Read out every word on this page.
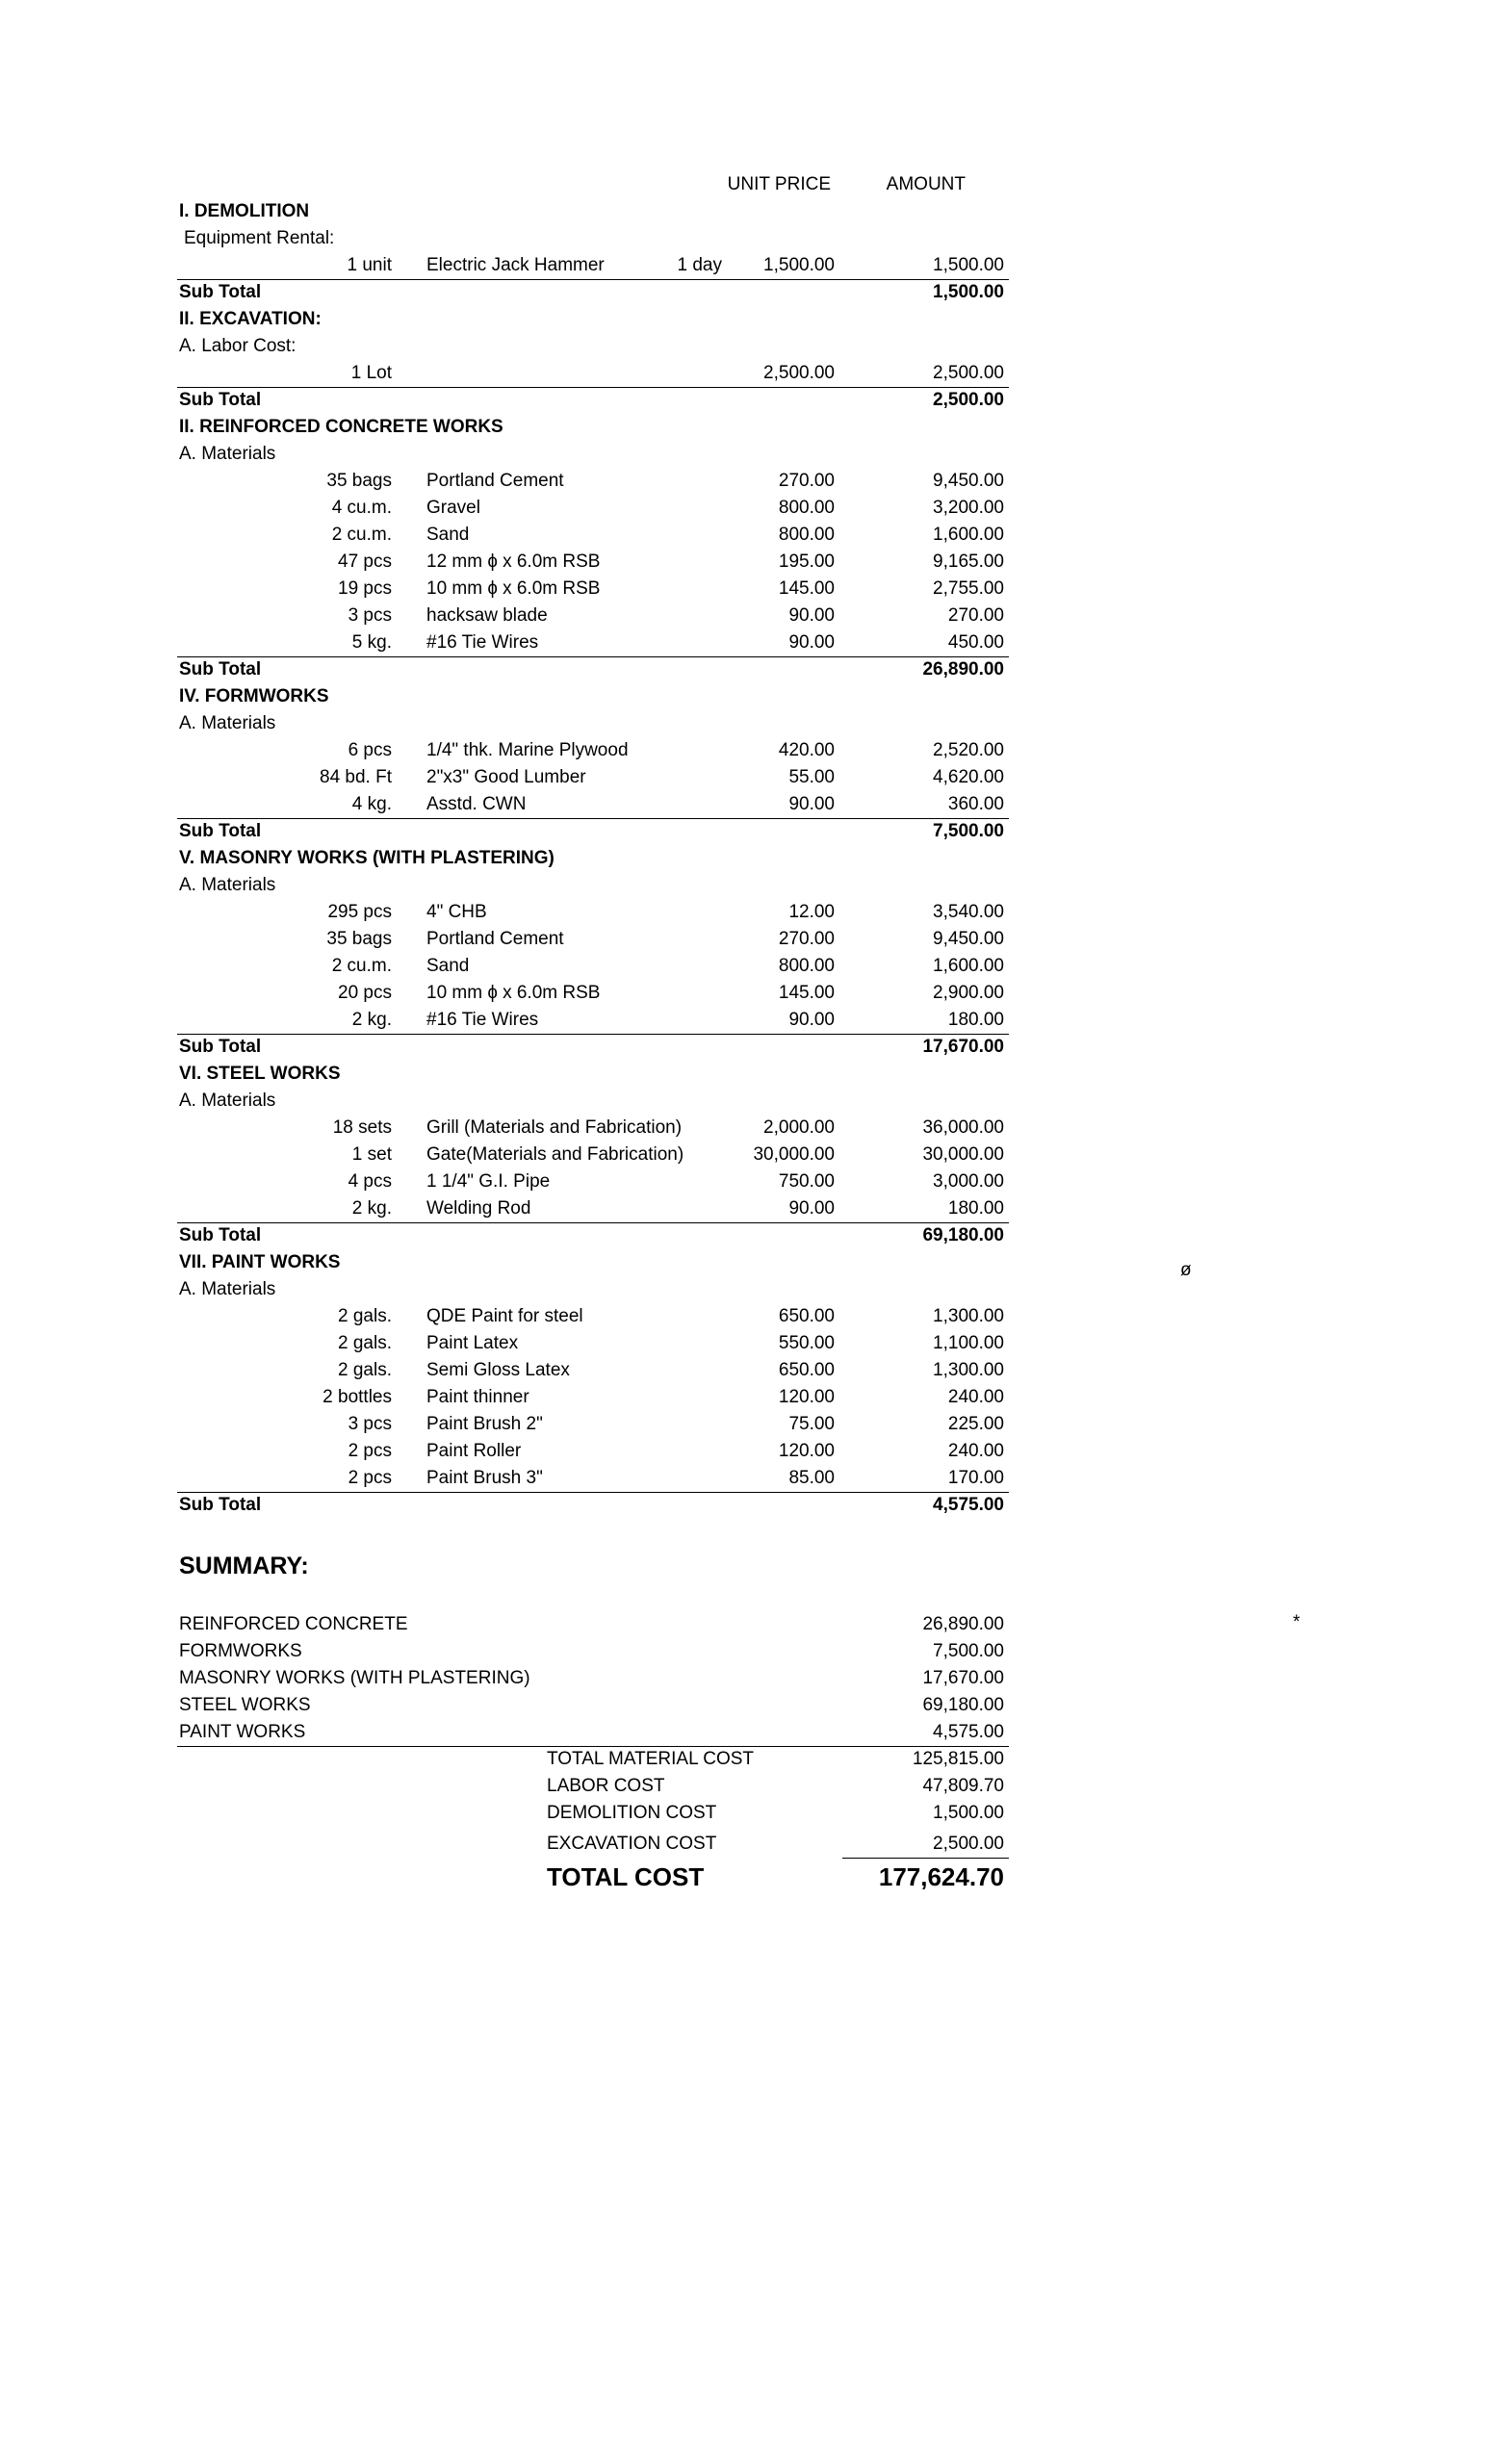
UNIT PRICE	AMOUNT
I. DEMOLITION
Equipment Rental:
1 unit Electric Jack Hammer	1 day	1,500.00	1,500.00
Sub Total	1,500.00
II. EXCAVATION:
A. Labor Cost:
1 Lot	2,500.00	2,500.00
Sub Total	2,500.00
II. REINFORCED CONCRETE WORKS
A. Materials
35 bags Portland Cement	270.00	9,450.00
4 cu.m. Gravel	800.00	3,200.00
2 cu.m. Sand	800.00	1,600.00
47 pcs 12 mm ɸ x 6.0m RSB	195.00	9,165.00
19 pcs 10 mm ɸ x 6.0m RSB	145.00	2,755.00
3 pcs hacksaw blade	90.00	270.00
5 kg. #16 Tie Wires	90.00	450.00
Sub Total	26,890.00
IV. FORMWORKS
A. Materials
6 pcs 1/4" thk. Marine Plywood	420.00	2,520.00
84 bd. Ft 2"x3" Good Lumber	55.00	4,620.00
4 kg. Asstd. CWN	90.00	360.00
Sub Total	7,500.00
V. MASONRY WORKS (WITH PLASTERING)
A. Materials
295 pcs 4" CHB	12.00	3,540.00
35 bags Portland Cement	270.00	9,450.00
2 cu.m. Sand	800.00	1,600.00
20 pcs 10 mm ɸ x 6.0m RSB	145.00	2,900.00
2 kg. #16 Tie Wires	90.00	180.00
Sub Total	17,670.00
VI. STEEL WORKS
A. Materials
18 sets Grill (Materials and Fabrication)	2,000.00	36,000.00
1 set Gate(Materials and Fabrication)	30,000.00	30,000.00
4 pcs 1 1/4" G.I. Pipe	750.00	3,000.00
2 kg. Welding Rod	90.00	180.00
Sub Total	69,180.00
VII. PAINT WORKS
A. Materials
2 gals. QDE Paint for steel	650.00	1,300.00
2 gals. Paint Latex	550.00	1,100.00
2 gals. Semi Gloss Latex	650.00	1,300.00
2 bottles Paint thinner	120.00	240.00
3 pcs Paint Brush 2"	75.00	225.00
2 pcs Paint Roller	120.00	240.00
2 pcs Paint Brush 3"	85.00	170.00
Sub Total	4,575.00
ø
*
SUMMARY:
REINFORCED CONCRETE	26,890.00
FORMWORKS	7,500.00
MASONRY WORKS (WITH PLASTERING)	17,670.00
STEEL WORKS	69,180.00
PAINT WORKS	4,575.00
TOTAL MATERIAL COST	125,815.00
LABOR COST	47,809.70
DEMOLITION COST	1,500.00
EXCAVATION COST	2,500.00
TOTAL COST	177,624.70
